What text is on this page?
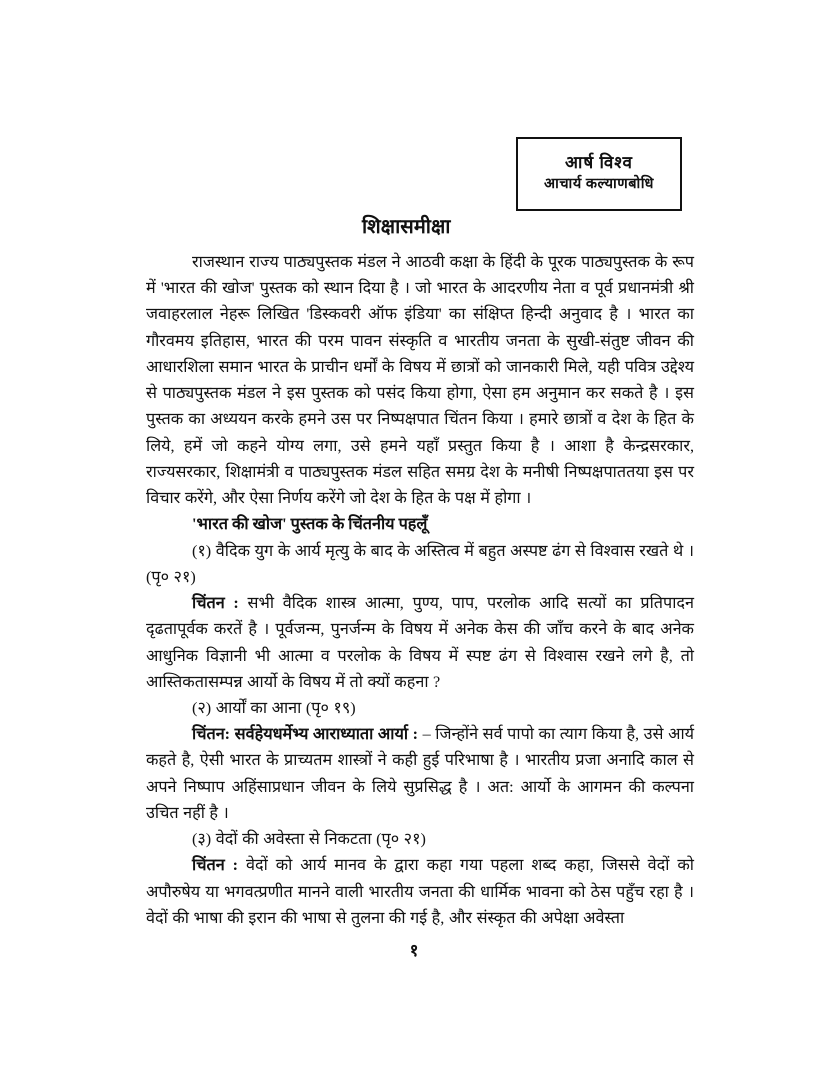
आर्ष विश्व
आचार्य कल्याणबोधि
शिक्षासमीक्षा

राजस्थान राज्य पाठ्यपुस्तक मंडल ने आठवी कक्षा के हिंदी के पूरक पाठ्यपुस्तक के रूप में 'भारत की खोज' पुस्तक को स्थान दिया है । जो भारत के आदरणीय नेता व पूर्व प्रधानमंत्री श्री जवाहरलाल नेहरू लिखित 'डिस्कवरी ऑफ इंडिया' का संक्षिप्त हिन्दी अनुवाद है । भारत का गौरवमय इतिहास, भारत की परम पावन संस्कृति व भारतीय जनता के सुखी-संतुष्ट जीवन की आधारशिला समान भारत के प्राचीन धर्मों के विषय में छात्रों को जानकारी मिले, यही पवित्र उद्देश्य से पाठ्यपुस्तक मंडल ने इस पुस्तक को पसंद किया होगा, ऐसा हम अनुमान कर सकते है । इस पुस्तक का अध्ययन करके हमने उस पर निष्पक्षपात चिंतन किया । हमारे छात्रों व देश के हित के लिये, हमें जो कहने योग्य लगा, उसे हमने यहाँ प्रस्तुत किया है । आशा है केन्द्रसरकार, राज्यसरकार, शिक्षामंत्री व पाठ्यपुस्तक मंडल सहित समग्र देश के मनीषी निष्पक्षपाततया इस पर विचार करेंगे, और ऐसा निर्णय करेंगे जो देश के हित के पक्ष में होगा ।

'भारत की खोज' पुस्तक के चिंतनीय पहलूँ

(१) वैदिक युग के आर्य मृत्यु के बाद के अस्तित्व में बहुत अस्पष्ट ढंग से विश्वास रखते थे । (पृ० २१)

चिंतन : सभी वैदिक शास्त्र आत्मा, पुण्य, पाप, परलोक आदि सत्यों का प्रतिपादन दृढतापूर्वक करतें है । पूर्वजन्म, पुनर्जन्म के विषय में अनेक केस की जाँच करने के बाद अनेक आधुनिक विज्ञानी भी आत्मा व परलोक के विषय में स्पष्ट ढंग से विश्वास रखने लगे है, तो आस्तिकतासम्पन्न आर्यो के विषय में तो क्यों कहना ?

(२) आर्यों का आना (पृ० १९)

चिंतन: सर्वहेयधर्मेभ्य आराध्याता आर्या : – जिन्होंने सर्व पापो का त्याग किया है, उसे आर्य कहते है, ऐसी भारत के प्राच्यतम शास्त्रों ने कही हुई परिभाषा है । भारतीय प्रजा अनादि काल से अपने निष्पाप अहिंसाप्रधान जीवन के लिये सुप्रसिद्ध है । अत: आर्यो के आगमन की कल्पना उचित नहीं है ।

(३) वेदों की अवेस्ता से निकटता (पृ० २१)

चिंतन : वेदों को आर्य मानव के द्वारा कहा गया पहला शब्द कहा, जिससे वेदों को अपौरुषेय या भगवत्प्रणीत मानने वाली भारतीय जनता की धार्मिक भावना को ठेस पहुँच रहा है । वेदों की भाषा की इरान की भाषा से तुलना की गई है, और संस्कृत की अपेक्षा अवेस्ता

१
